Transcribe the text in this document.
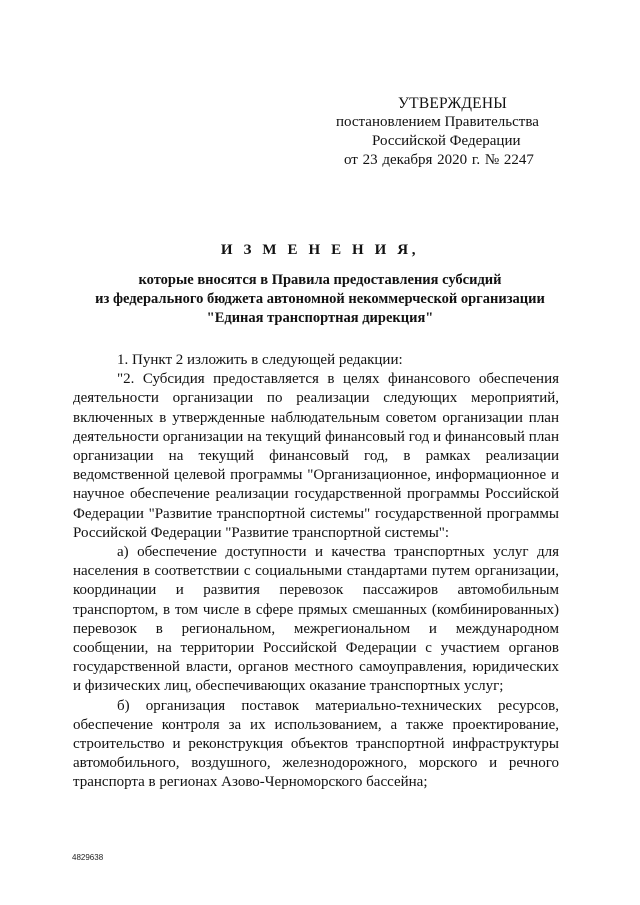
УТВЕРЖДЕНЫ
постановлением Правительства
Российской Федерации
от 23 декабря 2020 г. № 2247
И З М Е Н Е Н И Я,
которые вносятся в Правила предоставления субсидий
из федерального бюджета автономной некоммерческой организации
"Единая транспортная дирекция"

1. Пункт 2 изложить в следующей редакции:

"2. Субсидия предоставляется в целях финансового обеспечения деятельности организации по реализации следующих мероприятий, включенных в утвержденные наблюдательным советом организации план деятельности организации на текущий финансовый год и финансовый план организации на текущий финансовый год, в рамках реализации ведомственной целевой программы "Организационное, информационное и научное обеспечение реализации государственной программы Российской Федерации "Развитие транспортной системы" государственной программы Российской Федерации "Развитие транспортной системы":

а) обеспечение доступности и качества транспортных услуг для населения в соответствии с социальными стандартами путем организации, координации и развития перевозок пассажиров автомобильным транспортом, в том числе в сфере прямых смешанных (комбинированных) перевозок в региональном, межрегиональном и международном сообщении, на территории Российской Федерации с участием органов государственной власти, органов местного самоуправления, юридических и физических лиц, обеспечивающих оказание транспортных услуг;

б) организация поставок материально-технических ресурсов, обеспечение контроля за их использованием, а также проектирование, строительство и реконструкция объектов транспортной инфраструктуры автомобильного, воздушного, железнодорожного, морского и речного транспорта в регионах Азово-Черноморского бассейна;

4829638
